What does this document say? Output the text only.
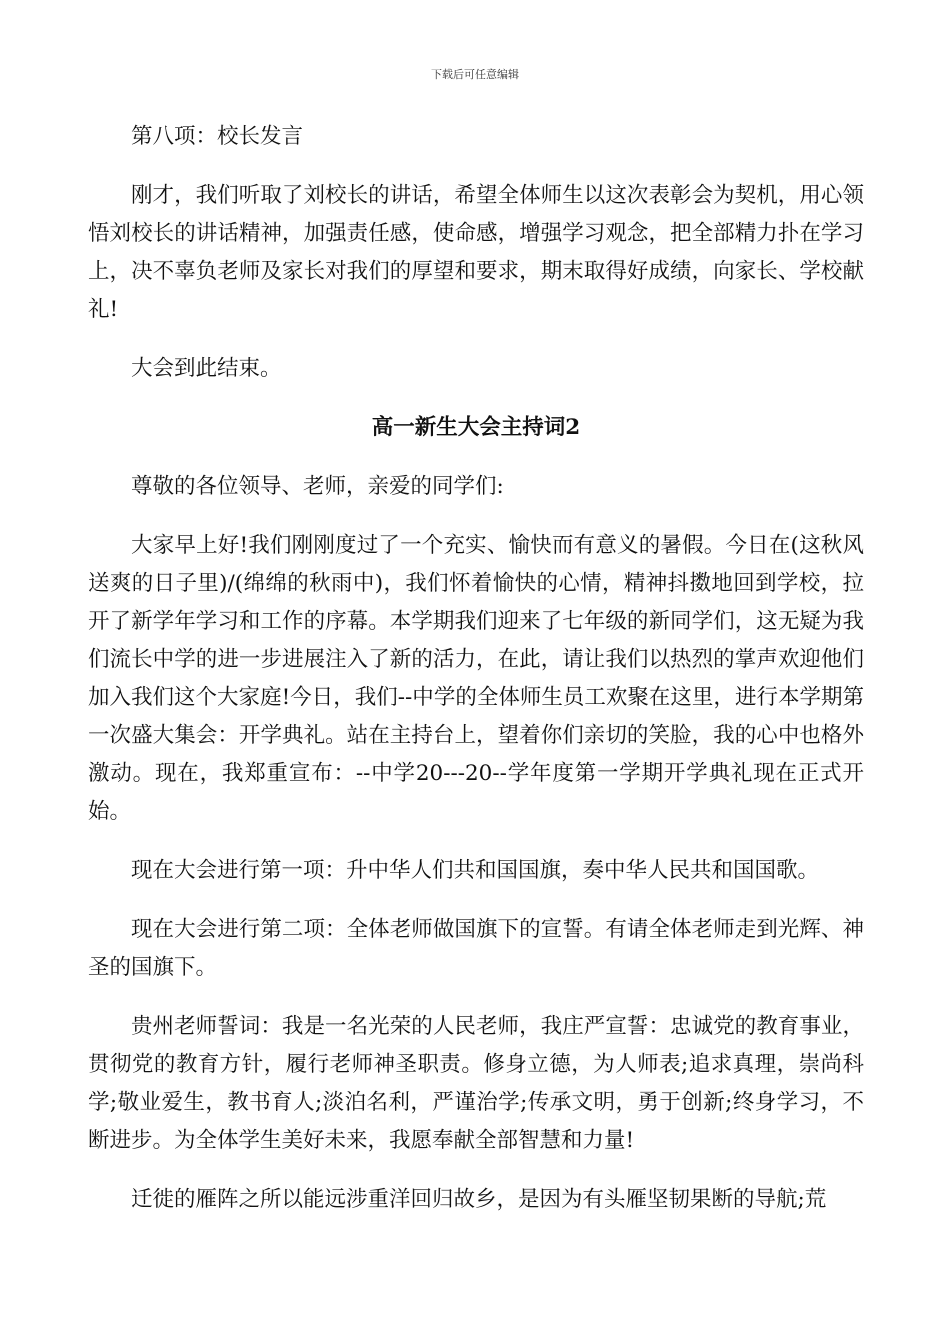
下载后可任意编辑

第八项：校长发言

刚才，我们听取了刘校长的讲话，希望全体师生以这次表彰会为契机，用心领悟刘校长的讲话精神，加强责任感，使命感，增强学习观念，把全部精力扑在学习上，决不辜负老师及家长对我们的厚望和要求，期末取得好成绩，向家长、学校献礼!

大会到此结束。

高一新生大会主持词2

尊敬的各位领导、老师，亲爱的同学们:

大家早上好!我们刚刚度过了一个充实、愉快而有意义的暑假。今日在(这秋风送爽的日子里)/(绵绵的秋雨中)，我们怀着愉快的心情，精神抖擞地回到学校，拉开了新学年学习和工作的序幕。本学期我们迎来了七年级的新同学们，这无疑为我们流长中学的进一步进展注入了新的活力，在此，请让我们以热烈的掌声欢迎他们加入我们这个大家庭!今日，我们--中学的全体师生员工欢聚在这里，进行本学期第一次盛大集会：开学典礼。站在主持台上，望着你们亲切的笑脸，我的心中也格外激动。现在，我郑重宣布：--中学20---20--学年度第一学期开学典礼现在正式开始。

现在大会进行第一项：升中华人们共和国国旗，奏中华人民共和国国歌。

现在大会进行第二项：全体老师做国旗下的宣誓。有请全体老师走到光辉、神圣的国旗下。

贵州老师誓词：我是一名光荣的人民老师，我庄严宣誓：忠诚党的教育事业，贯彻党的教育方针，履行老师神圣职责。修身立德，为人师表;追求真理，崇尚科学;敬业爱生，教书育人;淡泊名利，严谨治学;传承文明，勇于创新;终身学习，不断进步。为全体学生美好未来，我愿奉献全部智慧和力量!

迁徙的雁阵之所以能远涉重洋回归故乡，是因为有头雁坚韧果断的导航;荒
